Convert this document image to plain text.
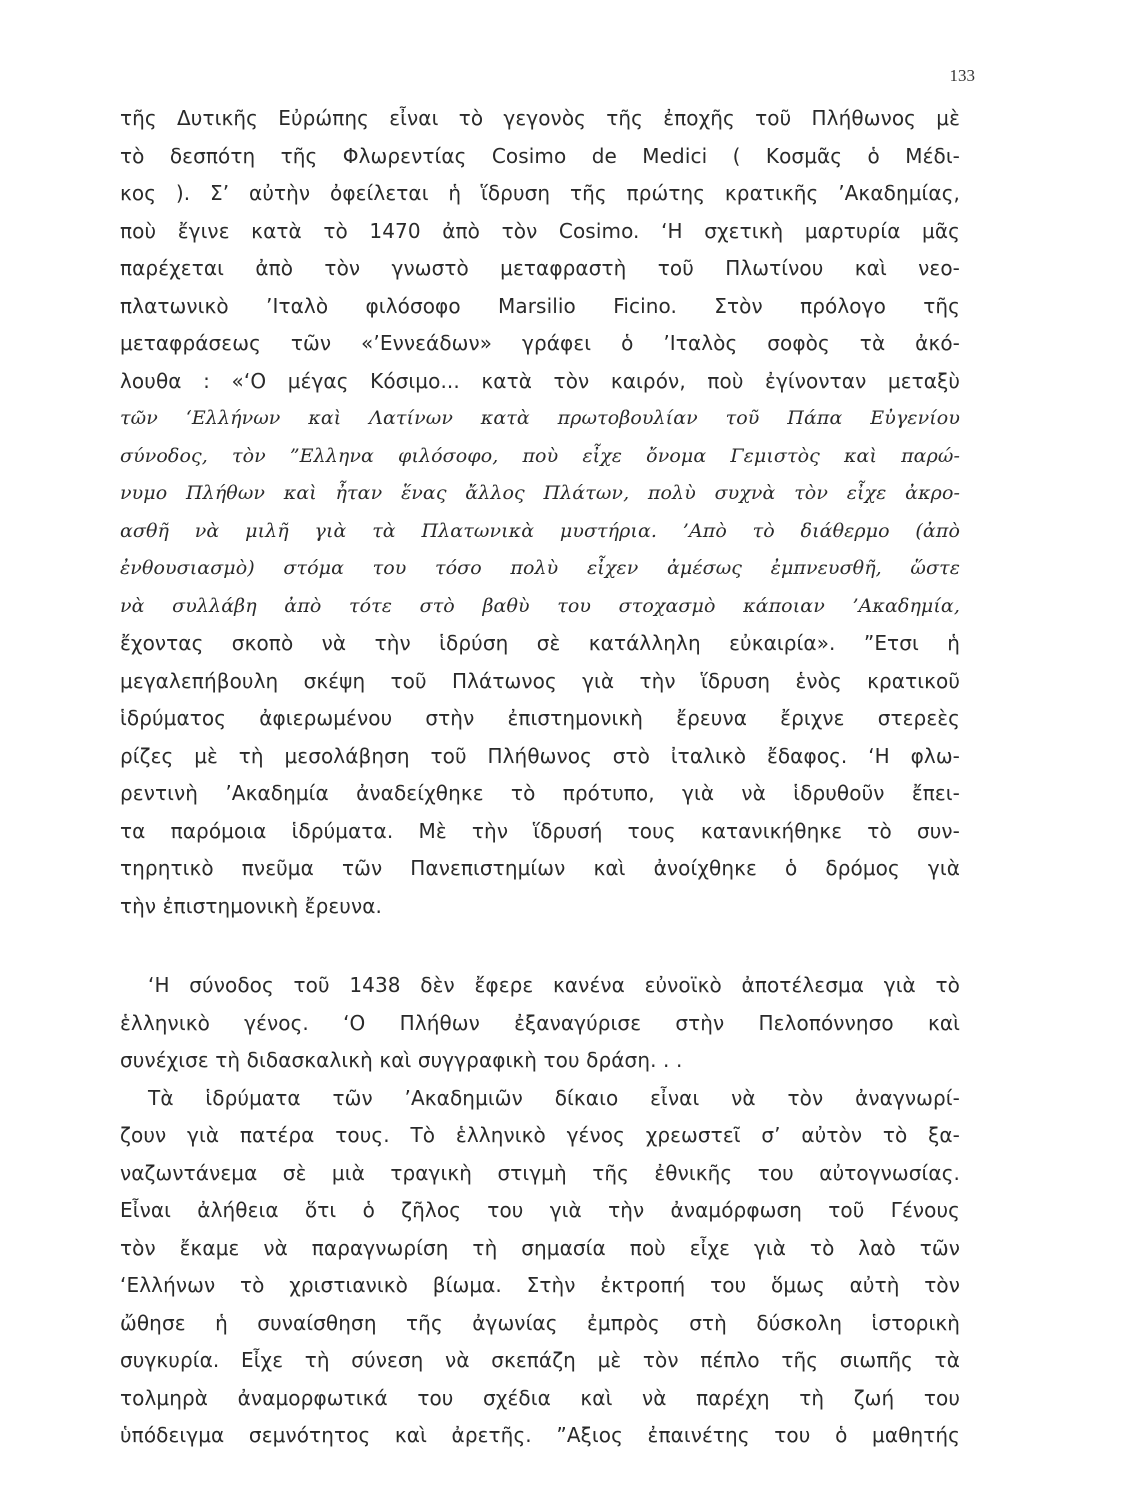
133
τῆς Δυτικῆς Εὐρώπης εἶναι τὸ γεγονὸς τῆς ἐποχῆς τοῦ Πλήθωνος μὲ
τὸ δεσπότη τῆς Φλωρεντίας Cosimo de Medici ( Κοσμᾶς ὁ Μέδι-
κος ). Σ’ αὐτὴν ὀφείλεται ἡ ἵδρυση τῆς πρώτης κρατικῆς ’Ακαδημίας,
ποὺ ἔγινε κατὰ τὸ 1470 ἀπὸ τὸν Cosimo. ‘Η σχετικὴ μαρτυρία μᾶς
παρέχεται ἀπὸ τὸν γνωστὸ μεταφραστὴ τοῦ Πλωτίνου καὶ νεο-
πλατωνικὸ ’Ιταλὸ φιλόσοφο Marsilio Ficino. Στὸν πρόλογο τῆς
μεταφράσεως τῶν «’Εννεάδων» γράφει ὁ ’Ιταλὸς σοφὸς τὰ ἀκό-
λουθα : «‘Ο μέγας Κόσιμο... κατὰ τὸν καιρόν, ποὺ ἐγίνονταν μεταξὺ
τῶν ‘Ελλήνων καὶ Λατίνων κατὰ πρωτοβουλίαν τοῦ Πάπα Εὐγενίου
σύνοδος, τὸν ”Ελληνα φιλόσοφο, ποὺ εἶχε ὄνομα Γεμιστὸς καὶ παρώ-
νυμο Πλήθων καὶ ἦταν ἕνας ἄλλος Πλάτων, πολὺ συχνὰ τὸν εἶχε ἀκρο-
ασθῆ νὰ μιλῆ γιὰ τὰ Πλατωνικὰ μυστήρια. ’Απὸ τὸ διάθερμο (ἀπὸ
ἐνθουσιασμὸ) στόμα του τόσο πολὺ εἶχεν ἀμέσως ἐμπνευσθῆ, ὥστε
νὰ συλλάβη ἀπὸ τότε στὸ βαθὺ του στοχασμὸ κάποιαν ’Ακαδημία,
ἔχοντας σκοπὸ νὰ τὴν ἱδρύση σὲ κατάλληλη εὐκαιρία». ”Ετσι ἡ
μεγαλεπήβουλη σκέψη τοῦ Πλάτωνος γιὰ τὴν ἵδρυση ἑνὸς κρατικοῦ
ἱδρύματος ἀφιερωμένου στὴν ἐπιστημονικὴ ἔρευνα ἔριχνε στερεὲς
ρίζες μὲ τὴ μεσολάβηση τοῦ Πλήθωνος στὸ ἰταλικὸ ἔδαφος. ‘Η φλω-
ρεντινὴ ’Ακαδημία ἀναδείχθηκε τὸ πρότυπο, γιὰ νὰ ἱδρυθοῦν ἔπει-
τα παρόμοια ἱδρύματα. Μὲ τὴν ἵδρυσή τους κατανικήθηκε τὸ συν-
τηρητικὸ πνεῦμα τῶν Πανεπιστημίων καὶ ἀνοίχθηκε ὁ δρόμος γιὰ
τὴν ἐπιστημονικὴ ἔρευνα.
‘Η σύνοδος τοῦ 1438 δὲν ἔφερε κανένα εὐνοϊκὸ ἀποτέλεσμα γιὰ τὸ
ἑλληνικὸ γένος. ‘Ο Πλήθων ἐξαναγύρισε στὴν Πελοπόννησο καὶ
συνέχισε τὴ διδασκαλικὴ καὶ συγγραφικὴ του δράση. . .
Τὰ ἱδρύματα τῶν ’Ακαδημιῶν δίκαιο εἶναι νὰ τὸν ἀναγνωρί-
ζουν γιὰ πατέρα τους. Τὸ ἑλληνικὸ γένος χρεωστεῖ σ’ αὐτὸν τὸ ξα-
ναζωντάνεμα σὲ μιὰ τραγικὴ στιγμὴ τῆς ἐθνικῆς του αὐτογνωσίας.
Εἶναι ἀλήθεια ὅτι ὁ ζῆλος του γιὰ τὴν ἀναμόρφωση τοῦ Γένους
τὸν ἔκαμε νὰ παραγνωρίση τὴ σημασία ποὺ εἶχε γιὰ τὸ λαὸ τῶν
‘Ελλήνων τὸ χριστιανικὸ βίωμα. Στὴν ἐκτροπή του ὅμως αὐτὴ τὸν
ὤθησε ἡ συναίσθηση τῆς ἀγωνίας ἐμπρὸς στὴ δύσκολη ἱστορικὴ
συγκυρία. Εἶχε τὴ σύνεση νὰ σκεπάζη μὲ τὸν πέπλο τῆς σιωπῆς τὰ
τολμηρὰ ἀναμορφωτικά του σχέδια καὶ νὰ παρέχη τὴ ζωή του
ὑπόδειγμα σεμνότητος καὶ ἀρετῆς. ”Αξιος ἐπαινέτης του ὁ μαθητής
